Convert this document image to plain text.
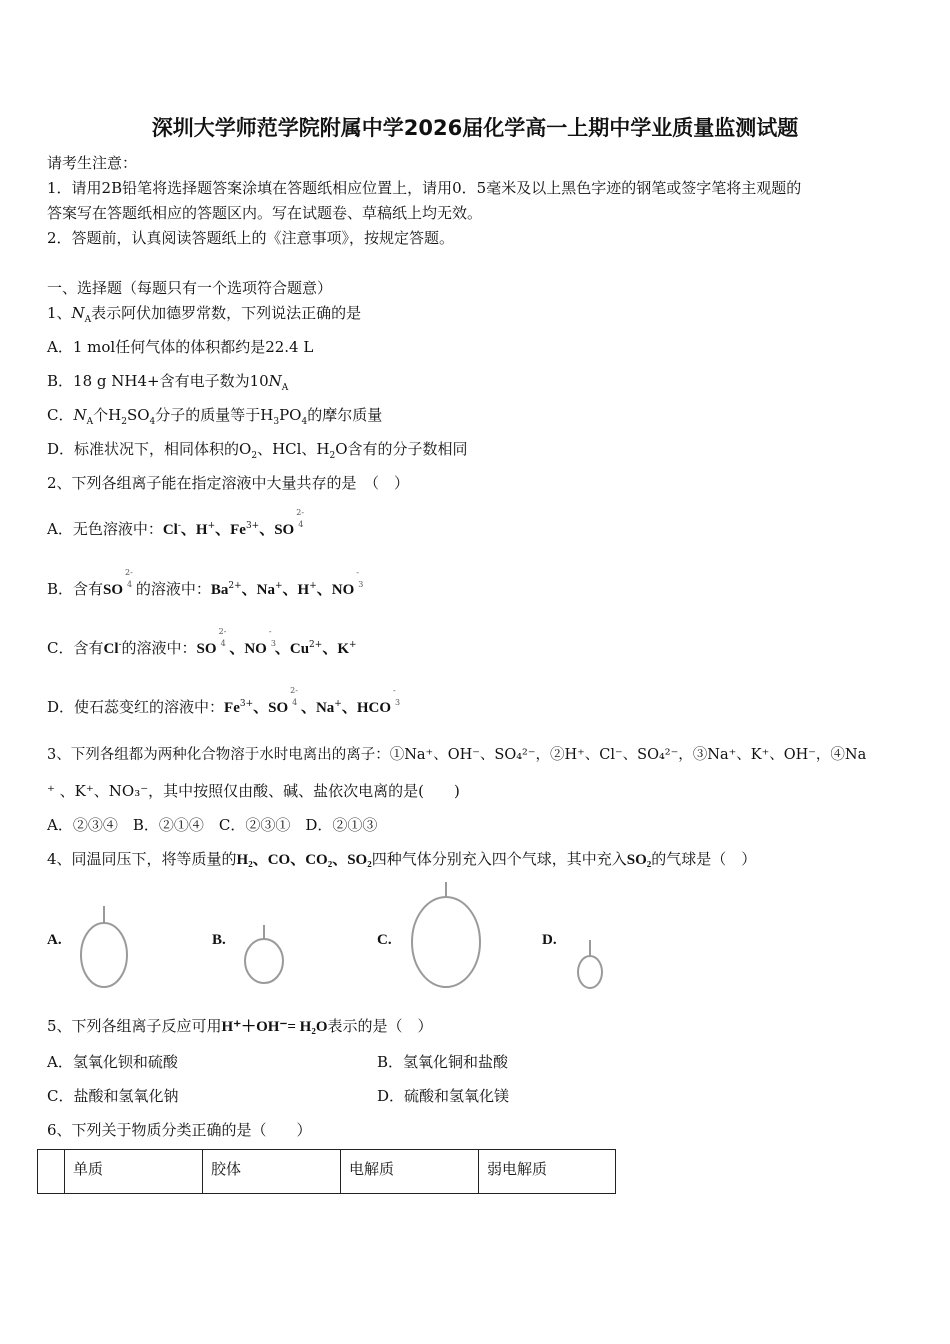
深圳大学师范学院附属中学2026届化学高一上期中学业质量监测试题
请考生注意：
1．请用2B铅笔将选择题答案涂填在答题纸相应位置上，请用0．5毫米及以上黑色字迹的钢笔或签字笔将主观题的
答案写在答题纸相应的答题区内。写在试题卷、草稿纸上均无效。
2．答题前，认真阅读答题纸上的《注意事项》，按规定答题。
一、选择题（每题只有一个选项符合题意）
1、$N_A$表示阿伏加德罗常数，下列说法正确的是
A．1 mol任何气体的体积都约是22.4 L
B．18 g NH4+含有电子数为$10N_A$
C．$N_A$个$H_2SO_4$分子的质量等于$H_3PO_4$的摩尔质量
D．标准状况下，相同体积的$O_2$、HCl、$H_2O$含有的分子数相同
2、下列各组离子能在指定溶液中大量共存的是　（　）
A．无色溶液中：Cl-、H+、$Fe^{3+}$、SO
2-
4
B．含有SO
2-
4 的溶液中：$Ba^{2+}$、Na+、H+、NO
-
3
C．含有Cl-的溶液中：SO
2-
4 、NO
-
3
、$Cu^{2+}$、K+
D．使石蕊变红的溶液中：$Fe^{3+}$、SO
2-
4 、Na+、HCO
-
3
3、下列各组都为两种化合物溶于水时电离出的离子：①Na⁺、OH⁻、SO₄²⁻，②H⁺、Cl⁻、SO₄²⁻，③Na⁺、K⁺、OH⁻，④Na
⁺ 、K⁺、NO₃⁻，其中按照仅由酸、碱、盐依次电离的是(　　)
A．②③④　B．②①④　C．②③①　D．②①③
4、同温同压下，将等质量的H₂、CO、CO₂、SO₂四种气体分别充入四个气球，其中充入SO₂的气球是（　）
A.	B.	C.	D.
5、下列各组离子反应可用H⁺＋OH⁻= H₂O表示的是（　）
A．氢氧化钡和硫酸	B．氢氧化铜和盐酸
C．盐酸和氢氧化钠	D．硫酸和氢氧化镁
6、下列关于物质分类正确的是（　　）
	单质	胶体	电解质	弱电解质
